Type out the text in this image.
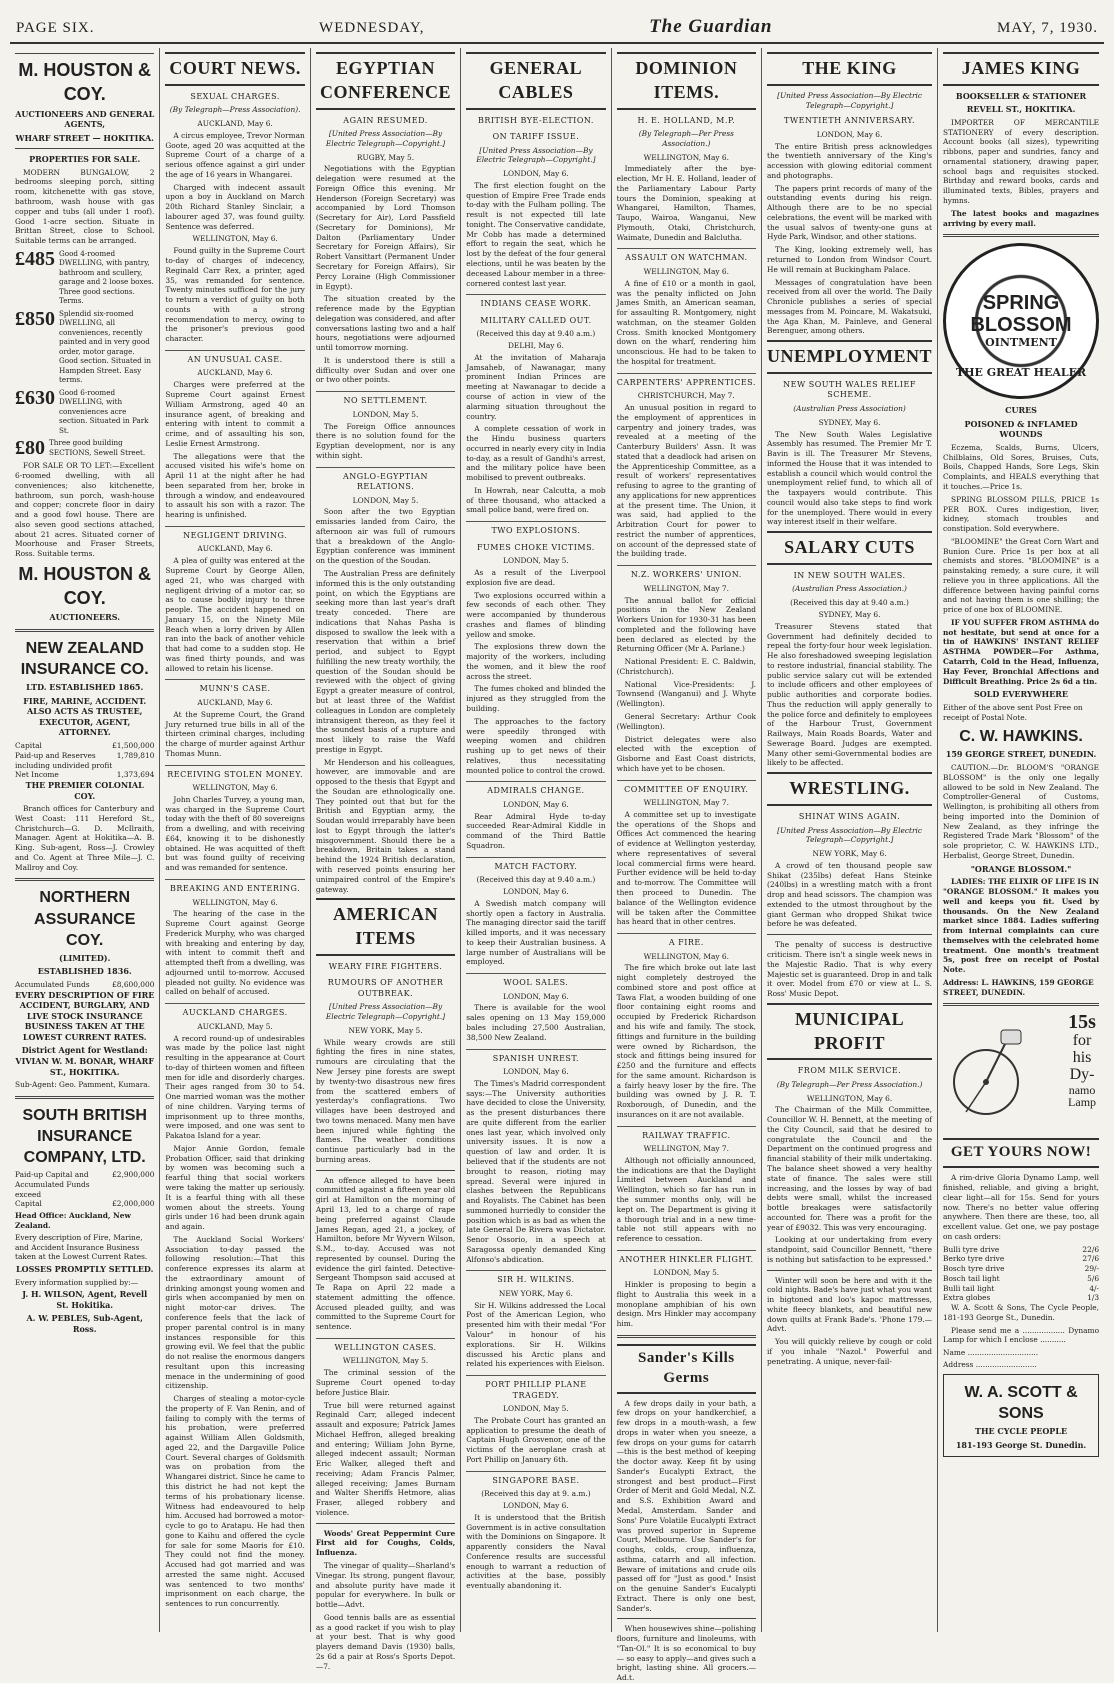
PAGE SIX.	WEDNESDAY,	The Guardian	MAY, 7, 1930.
M. HOUSTON & COY.
AUCTIONEERS AND GENERAL AGENTS,
WHARF STREET — HOKITIKA.
PROPERTIES FOR SALE.

MODERN BUNGALOW, 2 bedrooms sleeping porch, sitting room, kitchenette with gas stove, bathroom, wash house with gas copper and tubs (all under 1 roof). Good 1-acre section. Situate in Brittan Street, close to School. Suitable terms can be arranged.

£485 Good 4-roomed DWELLING, with pantry, bathroom and scullery, garage and 2 loose boxes. Three good sections. Terms.
£850 Splendid six-roomed DWELLING, all conveniences, recently painted and in very good order, motor garage. Good section. Situated in Hampden Street. Easy terms.
£630 Good 6-roomed DWELLING, with conveniences acre section. Situated in Park St.
£80 Three good building SECTIONS, Sewell Street.

FOR SALE OR TO LET:—Excellent 6-roomed dwelling, with all conveniences; also kitchenette, bathroom, sun porch, wash-house and copper; concrete floor in dairy and a good fowl house. There are also seven good sections attached, about 21 acres. Situated corner of Moorhouse and Fraser Streets, Ross. Suitable terms.

M. HOUSTON & COY.
AUCTIONEERS.
NEW ZEALAND INSURANCE CO.
LTD. ESTABLISHED 1865.
FIRE, MARINE, ACCIDENT. ALSO ACTS AS TRUSTEE, EXECUTOR, AGENT, ATTORNEY.
Capital	£1,500,000
Paid-up and Reserves including undivided profit
1,789,810
Net Income	1,373,694
THE PREMIER COLONIAL COY.

Branch offices for Canterbury and West Coast: 111 Hereford St., Christchurch—G. D. McIlraith, Manager. Agent at Hokitika—A. B. King. Sub-agent, Ross—J. Crowley and Co. Agent at Three Mile—J. C. Mallroy and Coy.

NORTHERN ASSURANCE COY.
(LIMITED).
ESTABLISHED 1836.
Accumulated Funds	£8,600,000
EVERY DESCRIPTION OF FIRE ACCIDENT, BURGLARY, AND LIVE STOCK INSURANCE BUSINESS TAKEN AT THE LOWEST CURRENT RATES.
District Agent for Westland: VIVIAN W. M. BONAR, WHARF ST., HOKITIKA.
Sub-Agent: Geo. Pamment, Kumara.
SOUTH BRITISH INSURANCE COMPANY, LTD.
Paid-up Capital and Accumulated Funds exceed
£2,900,000
Capital	£2,000,000
Head Office: Auckland, New Zealand.
Every description of Fire, Marine, and Accident Insurance Business taken at the Lowest Current Rates.
LOSSES PROMPTLY SETTLED.
Every information supplied by:—
J. H. WILSON, Agent, Revell St. Hokitika.
A. W. PEBLES, Sub-Agent, Ross.
COURT NEWS.
SEXUAL CHARGES.
(By Telegraph—Press Association).
AUCKLAND, May 6.

A circus employee, Trevor Norman Goote, aged 20 was acquitted at the Supreme Court of a charge of a serious offence against a girl under the age of 16 years in Whangarei.

Charged with indecent assault upon a boy in Auckland on March 20th Richard Stanley Sinclair, a labourer aged 37, was found guilty. Sentence was deferred.

WELLINGTON, May 6.

Found guilty in the Supreme Court to-day of charges of indecency, Reginald Carr Rex, a printer, aged 35, was remanded for sentence. Twenty minutes sufficed for the jury to return a verdict of guilty on both counts with a strong recommendation to mercy, owing to the prisoner's previous good character.

AN UNUSUAL CASE.
AUCKLAND, May 6.

Charges were preferred at the Supreme Court against Ernest William Armstrong, aged 40 an insurance agent, of breaking and entering with intent to commit a crime, and of assaulting his son, Leslie Ernest Armstrong.

The allegations were that the accused visited his wife's home on April 11 at the night after he had been separated from her, broke in through a window, and endeavoured to assault his son with a razor. The hearing is unfinished.

NEGLIGENT DRIVING.
AUCKLAND, May 6.

A plea of guilty was entered at the Supreme Court by George Allen, aged 21, who was charged with negligent driving of a motor car, so as to cause bodily injury to three people. The accident happened on January 15, on the Ninety Mile Beach when a lorry driven by Allen ran into the back of another vehicle that had come to a sudden stop. He was fined thirty pounds, and was allowed to retain his license.

MUNN'S CASE.
AUCKLAND, May 6.

At the Supreme Court, the Grand Jury returned true bills in all of the thirteen criminal charges, including the charge of murder against Arthur Thomas Munn.

RECEIVING STOLEN MONEY.
WELLINGTON, May 6.

John Charles Turvey, a young man, was charged in the Supreme Court today with the theft of 80 sovereigns from a dwelling, and with receiving £64, knowing it to be dishonestly obtained. He was acquitted of theft but was found guilty of receiving and was remanded for sentence.

BREAKING AND ENTERING.
WELLINGTON, May 6.

The hearing of the case in the Supreme Court against George Frederick Murphy, who was charged with breaking and entering by day, with intent to commit theft and attempted theft from a dwelling, was adjourned until to-morrow. Accused pleaded not guilty. No evidence was called on behalf of accused.

AUCKLAND CHARGES.
AUCKLAND, May 5.

A record round-up of undesirables was made by the police last night resulting in the appearance at Court to-day of thirteen women and fifteen men for idle and disorderly charges. Their ages ranged from 30 to 54. One married woman was the mother of nine children. Varying terms of imprisonment up to three months, were imposed, and one was sent to Pakatoa Island for a year.

Major Annie Gordon, female Probation Officer, said that drinking by women was becoming such a fearful thing that social workers were taking the matter up seriously. It is a fearful thing with all these women about the streets. Young girls under 16 had been drunk again and again.

The Auckland Social Workers' Association to-day passed the following resolution:—That this conference expresses its alarm at the extraordinary amount of drinking amongst young women and girls when accompanied by men on night motor-car drives. The conference feels that the lack of proper parental control is in many instances responsible for this growing evil. We feel that the public do not realise the enormous dangers resultant upon this increasing menace in the undermining of good citizenship.

Charges of stealing a motor-cycle the property of F. Van Renin, and of failing to comply with the terms of his probation, were preferred against William Allen Goldsmith, aged 22, and the Dargaville Police Court. Several charges of Goldsmith was on probation from the Whangarei district. Since he came to this district he had not kept the terms of his probationary license. Witness had endeavoured to help him. Accused had borrowed a motor-cycle to go to Aratapu. He had then gone to Kaihu and offered the cycle for sale for some Maoris for £10. They could not find the money. Accused had got married and was arrested the same night. Accused was sentenced to two months' imprisonment on each charge, the sentences to run concurrently.

EGYPTIAN CONFERENCE
AGAIN RESUMED.
[United Press Association—By Electric Telegraph—Copyright.]
RUGBY, May 5.

Negotiations with the Egyptian delegation were resumed at the Foreign Office this evening. Mr Henderson (Foreign Secretary) was accompanied by Lord Thomson (Secretary for Air), Lord Passfield (Secretary for Dominions), Mr Dalton (Parliamentary Under Secretary for Foreign Affairs), Sir Robert Vansittart (Permanent Under Secretary for Foreign Affairs), Sir Percy Loraine (High Commissioner in Egypt).

The situation created by the reference made by the Egyptian delegation was considered, and after conversations lasting two and a half hours, negotiations were adjourned until tomorrow morning.

It is understood there is still a difficulty over Sudan and over one or two other points.

NO SETTLEMENT.
LONDON, May 5.

The Foreign Office announces there is no solution found for the Egyptian development, nor is any within sight.

ANGLO-EGYPTIAN RELATIONS.
LONDON, May 5.

Soon after the two Egyptian emissaries landed from Cairo, the afternoon air was full of rumours that a breakdown of the Anglo-Egyptian conference was imminent on the question of the Soudan.

The Australian Press are definitely informed this is the only outstanding point, on which the Egyptians are seeking more than last year's draft treaty conceded. There are indications that Nahas Pasha is disposed to swallow the leek with a reservation that within a brief period, and subject to Egypt fulfilling the new treaty worthily, the question of the Soudan should be reviewed with the object of giving Egypt a greater measure of control, but at least three of the Wafdist colleagues in London are completely intransigent thereon, as they feel it the soundest basis of a rupture and most likely to raise the Wafd prestige in Egypt.

Mr Henderson and his colleagues, however, are immovable and are opposed to the thesis that Egypt and the Soudan are ethnologically one. They pointed out that but for the British and Egyptian army, the Soudan would irreparably have been lost to Egypt through the latter's misgovernment. Should there be a breakdown, Britain takes a stand behind the 1924 British declaration, with reserved points ensuring her unimpaired control of the Empire's gateway.

AMERICAN ITEMS
WEARY FIRE FIGHTERS.
RUMOURS OF ANOTHER OUTBREAK.
[United Press Association—By Electric Telegraph—Copyright.]
NEW YORK, May 5.

While weary crowds are still fighting the fires in nine states, rumours are circulating that the New Jersey pine forests are swept by twenty-two disastrous new fires from the scattered embers of yesterday's conflagrations. Two villages have been destroyed and two towns menaced. Many men have been injured while fighting the flames. The weather conditions continue particularly bad in the burning areas.

An offence alleged to have been committed against a fifteen year old girl at Hamilton on the morning of April 13, led to a charge of rape being preferred against Claude James Regan, aged 21, a jockey, of Hamilton, before Mr Wyvern Wilson, S.M., to-day. Accused was not represented by counsel. During the evidence the girl fainted. Detective-Sergeant Thompson said accused at Te Rapa on April 22 made a statement admitting the offence. Accused pleaded guilty, and was committed to the Supreme Court for sentence.

WELLINGTON CASES.
WELLINGTON, May 5.

The criminal session of the Supreme Court opened to-day before Justice Blair.

True bill were returned against Reginald Carr, alleged indecent assault and exposure; Patrick James Michael Heffron, alleged breaking and entering; William John Byrne, alleged indecent assault; Norman Eric Walker, alleged theft and receiving; Adam Francis Palmer, alleged receiving; James Burnam and Walter Sheriffs Hetmore, alias Fraser, alleged robbery and violence.

Woods' Great Peppermint Cure First aid for Coughs, Colds, Influenza.

The vinegar of quality—Sharland's Vinegar. Its strong, pungent flavour, and absolute purity have made it popular for everywhere. In bulk or bottle—Advt.

Good tennis balls are as essential as a good racket if you wish to play at your best. That is why good players demand Davis (1930) balls, 2s 6d a pair at Ross's Sports Depot.—7.

GENERAL CABLES
BRITISH BYE-ELECTION.
ON TARIFF ISSUE.
[United Press Association—By Electric Telegraph—Copyright.]
LONDON, May 6.

The first election fought on the question of Empire Free Trade ends to-day with the Fulham polling. The result is not expected till late tonight. The Conservative candidate, Mr Cobb has made a determined effort to regain the seat, which he lost by the defeat of the four general elections, until he was beaten by the deceased Labour member in a three-cornered contest last year.

INDIANS CEASE WORK.
MILITARY CALLED OUT.
(Received this day at 9.40 a.m.)
DELHI, May 6.

At the invitation of Maharaja Jamsaheb, of Nawanagar, many prominent Indian Princes are meeting at Nawanagar to decide a course of action in view of the alarming situation throughout the country.

A complete cessation of work in the Hindu business quarters occurred in nearly every city in India to-day, as a result of Gandhi's arrest, and the military police have been mobilised to prevent outbreaks.

In Howrah, near Calcutta, a mob of three thousand, who attacked a small police band, were fired on.

TWO EXPLOSIONS.
FUMES CHOKE VICTIMS.
LONDON, May 5.

As a result of the Liverpool explosion five are dead.

Two explosions occurred within a few seconds of each other. They were accompanied by thunderous crashes and flames of blinding yellow and smoke.

The explosions threw down the majority of the workers, including the women, and it blew the roof across the street.

The fumes choked and blinded the injured as they struggled from the building.

The approaches to the factory were speedily thronged with weeping women and children rushing up to get news of their relatives, thus necessitating mounted police to control the crowd.

ADMIRALS CHANGE.
LONDON, May 6.

Rear Admiral Hyde to-day succeeded Rear-Admiral Kiddle in command of the Third Battle Squadron.

MATCH FACTORY.
(Received this day at 9.40 a.m.)
LONDON, May 6.

A Swedish match company will shortly open a factory in Australia. The managing director said the tariff killed imports, and it was necessary to keep their Australian business. A large number of Australians will be employed.

WOOL SALES.
LONDON, May 6.

There is available for the wool sales opening on 13 May 159,000 bales including 27,500 Australian, 38,500 New Zealand.

SPANISH UNREST.
LONDON, May 6.

The Times's Madrid correspondent says:—The University authorities have decided to close the University, as the present disturbances there are quite different from the earlier ones last year, which involved only university issues. It is now a question of law and order. It is believed that if the students are not brought to reason, rioting may spread. Several were injured in clashes between the Republicans and Royalists. The Cabinet has been summoned hurriedly to consider the position which is as bad as when the late General De Rivera was Dictator. Senor Ossorio, in a speech at Saragossa openly demanded King Alfonso's abdication.

SIR H. WILKINS.
NEW YORK, May 6.

Sir H. Wilkins addressed the Local Post of the American Legion, who presented him with their medal "For Valour" in honour of his explorations. Sir H. Wilkins discussed his Arctic plans and related his experiences with Eielson.

PORT PHILLIP PLANE TRAGEDY.
LONDON, May 5.

The Probate Court has granted an application to presume the death of Captain Hugh Grosvenor, one of the victims of the aeroplane crash at Port Phillip on January 6th.

SINGAPORE BASE.
(Received this day at 9. a.m.)
LONDON, May 6.

It is understood that the British Government is in active consultation with the Dominions on Singapore. It apparently considers the Naval Conference results are successful enough to warrant a reduction of activities at the base, possibly eventually abandoning it.

DOMINION ITEMS.
H. E. HOLLAND, M.P.
(By Telegraph—Per Press Association.)
WELLINGTON, May 6.

Immediately after the bye-election, Mr H. E. Holland, leader of the Parliamentary Labour Party tours the Dominion, speaking at Whangarei, Hamilton, Thames, Taupo, Wairoa, Wanganui, New Plymouth, Otaki, Christchurch, Waimate, Dunedin and Balclutha.

ASSAULT ON WATCHMAN.
WELLINGTON, May 6.

A fine of £10 or a month in gaol, was the penalty inflicted on John James Smith, an American seaman, for assaulting R. Montgomery, night watchman, on the steamer Golden Cross. Smith knocked Montgomery down on the wharf, rendering him unconscious. He had to be taken to the hospital for treatment.

CARPENTERS' APPRENTICES.
CHRISTCHURCH, May 7.

An unusual position in regard to the employment of apprentices in carpentry and joinery trades, was revealed at a meeting of the Canterbury Builders' Assn. It was stated that a deadlock had arisen on the Apprenticeship Committee, as a result of workers' representatives refusing to agree to the granting of any applications for new apprentices at the present time. The Union, it was said, had applied to the Arbitration Court for power to restrict the number of apprentices, on account of the depressed state of the building trade.

N.Z. WORKERS' UNION.
WELLINGTON, May 7.

The annual ballot for official positions in the New Zealand Workers Union for 1930-31 has been completed and the following have been declared as elected by the Returning Officer (Mr A. Parlane.)

National President: E. C. Baldwin, (Christchurch).

National Vice-Presidents: J. Townsend (Wanganui) and J. Whyte (Wellington).

General Secretary: Arthur Cook (Wellington).

District delegates were also elected with the exception of Gisborne and East Coast districts, which have yet to be chosen.

COMMITTEE OF ENQUIRY.
WELLINGTON, May 7.

A committee set up to investigate the operations of the Shops and Offices Act commenced the hearing of evidence at Wellington yesterday, where representatives of several local commercial firms were heard. Further evidence will be held to-day and to-morrow. The Committee will then proceed to Dunedin. The balance of the Wellington evidence will be taken after the Committee has heard that in other centres.

A FIRE.
WELLINGTON, May 6.

The fire which broke out late last night completely destroyed the combined store and post office at Tawa Flat, a wooden building of one floor containing eight rooms and occupied by Frederick Richardson and his wife and family. The stock, fittings and furniture in the building were owned by Richardson, the stock and fittings being insured for £250 and the furniture and effects for the same amount. Richardson is a fairly heavy loser by the fire. The building was owned by J. R. T. Roxborough, of Dunedin, and the insurances on it are not available.

RAILWAY TRAFFIC.
WELLINGTON, May 7.

Although not officially announced, the indications are that the Daylight Limited between Auckland and Wellington, which so far has run in the summer months only, will be kept on. The Department is giving it a thorough trial and in a new time-table not still appears with no reference to cessation.

ANOTHER HINKLER FLIGHT.
LONDON, May 5.

Hinkler is proposing to begin a flight to Australia this week in a monoplane amphibian of his own design. Mrs Hinkler may accompany him.

Sander's Kills Germs

A few drops daily in your bath, a few drops on your handkerchief, a few drops in a mouth-wash, a few drops in water when you sneeze, a few drops on your gums for catarrh—this is the best method of keeping the doctor away. Keep fit by using Sander's Eucalypti Extract, the strongest and best product—First Order of Merit and Gold Medal, N.Z. and S.S. Exhibition Award and Medal, Amsterdam. Sander and Sons' Pure Volatile Eucalypti Extract was proved superior in Supreme Court, Melbourne. Use Sander's for coughs, colds, croup, influenza, asthma, catarrh and all infection. Beware of imitations and crude oils passed off for "Just as good." Insist on the genuine Sander's Eucalypti Extract. There is only one best, Sander's.

When housewives shine—polishing floors, furniture and linoleums, with "Tan-Ol." It is so economical to buy — so easy to apply—and gives such a bright, lasting shine. All grocers.—Ad.t.

THE KING
[United Press Association—By Electric Telegraph—Copyright.]
TWENTIETH ANNIVERSARY.
LONDON, May 6.

The entire British press acknowledges the twentieth anniversary of the King's accession with glowing editorial comment and photographs.

The papers print records of many of the outstanding events during his reign. Although there are to be no special celebrations, the event will be marked with the usual salvos of twenty-one guns at Hyde Park, Windsor, and other stations.

The King, looking extremely well, has returned to London from Windsor Court. He will remain at Buckingham Palace.

Messages of congratulation have been received from all over the world. The Daily Chronicle publishes a series of special messages from M. Poincare, M. Wakatsuki, the Aga Khan, M. Painleve, and General Berenguer, among others.

UNEMPLOYMENT
NEW SOUTH WALES RELIEF SCHEME.
(Australian Press Association)
SYDNEY, May 6.

The New South Wales Legislative Assembly has resumed. The Premier Mr T. Bavin is ill. The Treasurer Mr Stevens, informed the House that it was intended to establish a council which would control the unemployment relief fund, to which all of the taxpayers would contribute. This council would also take steps to find work for the unemployed. There would in every way interest itself in their welfare.

SALARY CUTS
IN NEW SOUTH WALES.
(Australian Press Association.)
(Received this day at 9.40 a.m.)
SYDNEY, May 6.

Treasurer Stevens stated that Government had definitely decided to repeal the forty-four hour week legislation. He also foreshadowed sweeping legislation to restore industrial, financial stability. The public service salary cut will be extended to include officers and other employees of public authorities and corporate bodies. Thus the reduction will apply generally to the police force and definitely to employees of the Harbour Trust, Government Railways, Main Roads Boards, Water and Sewerage Board. Judges are exempted. Many other semi-Governmental bodies are likely to be affected.

WRESTLING.
SHINAT WINS AGAIN.
[United Press Association—By Electric Telegraph—Copyright.]
NEW YORK, May 6.

A crowd of ten thousand people saw Shikat (235lbs) defeat Hans Steinke (240lbs) in a wrestling match with a front drop and head scissors. The champion was extended to the utmost throughout by the giant German who dropped Shikat twice before he was defeated.

The penalty of success is destructive criticism. There isn't a single week news in the Majestic Radio. That is why every Majestic set is guaranteed. Drop in and talk it over. Model from £70 or view at L. S. Ross' Music Depot.

MUNICIPAL PROFIT
FROM MILK SERVICE.
(By Telegraph—Per Press Association.)
WELLINGTON, May 6.

The Chairman of the Milk Committee, Councillor W. H. Bennett, at the meeting of the City Council, said that he desired to congratulate the Council and the Department on the continued progress and financial stability of their milk undertaking. The balance sheet showed a very healthy state of finance. The sales were still increasing, and the losses by way of bad debts were small, whilst the increased bottle breakages were satisfactorily accounted for. There was a profit for the year of £9032. This was very encouraging.

Looking at our undertaking from every standpoint, said Councillor Bennett, "there is nothing but satisfaction to be expressed."

Winter will soon be here and with it the cold nights. Bade's have just what you want in bigtoned and loo's kapoc mattresses, white fleecy blankets, and beautiful new down quilts at Frank Bade's. 'Phone 179.—Advt.

You will quickly relieve by cough or cold if you inhale "Nazol." Powerful and penetrating. A unique, never-fail-

JAMES KING
BOOKSELLER & STATIONER
REVELL ST., HOKITIKA.

IMPORTER OF MERCANTILE STATIONERY of every description. Account books (all sizes), typewriting ribbons, paper and sundries, fancy and ornamental stationery, drawing paper, school bags and requisites stocked. Birthday and reward books, cards and illuminated texts, Bibles, prayers and hymns.

The latest books and magazines arriving by every mail.

SPRING
BLOSSOM
OINTMENT
THE GREAT HEALER
CURES
POISONED & INFLAMED WOUNDS

Eczema, Scalds, Burns, Ulcers, Chilblains, Old Sores, Bruises, Cuts, Boils, Chapped Hands, Sore Legs, Skin Complaints, and HEALS everything that it touches.—Price 1s.

SPRING BLOSSOM PILLS, PRICE 1s PER BOX. Cures indigestion, liver, kidney, stomach troubles and constipation. Sold everywhere.

"BLOOMINE" the Great Corn Wart and Bunion Cure. Price 1s per box at all chemists and stores. "BLOOMINE" is a painstaking remedy, a sure cure, it will relieve you in three applications. All the difference between having painful corns and not having them is one shilling; the price of one box of BLOOMINE.

IF YOU SUFFER FROM ASTHMA do not hesitate, but send at once for a tin of HAWKINS' INSTANT RELIEF ASTHMA POWDER—For Asthma, Catarrh, Cold in the Head, Influenza, Hay Fever, Bronchial Affections and Difficult Breathing. Price 2s 6d a tin.

SOLD EVERYWHERE
Either of the above sent Post Free on receipt of Postal Note.
C. W. HAWKINS.
159 GEORGE STREET, DUNEDIN.

CAUTION.—Dr. BLOOM'S "ORANGE BLOSSOM" is the only one legally allowed to be sold in New Zealand. The Comptroller-General of Customs, Wellington, is prohibiting all others from being imported into the Dominion of New Zealand, as they infringe the Registered Trade Mark "Blossom" of the sole proprietor, C. W. HAWKINS LTD., Herbalist, George Street, Dunedin.

"ORANGE BLOSSOM."

LADIES: THE ELIXIR OF LIFE IS IN "ORANGE BLOSSOM." It makes you well and keeps you fit. Used by thousands. On the New Zealand market since 1884. Ladies suffering from internal complaints can cure themselves with the celebrated home treatment. One month's treatment 5s, post free on receipt of Postal Note.

Address: L. HAWKINS, 159 GEORGE STREET, DUNEDIN.
15s
for
his
Dy-
namo
Lamp
GET YOURS NOW!

A rim-drive Gloria Dynamo Lamp, well finished, reliable, and giving a bright, clear light—all for 15s. Send for yours now. There's no better value offering anywhere. Then there are these, too, all excellent value. Get one, we pay postage on cash orders:

Bulli tyre drive	22/6
Berko tyre drive	27/6
Bosch tyre drive	29/-
Bosch tail light	5/6
Bulli tail light	4/-
Extra globes	1/3

W. A. Scott & Sons, The Cycle People, 181-193 George St., Dunedin.

Please send me a .................. Dynamo Lamp for which I enclose ...........

Name ..............................
Address ..........................
W. A. SCOTT & SONS
THE CYCLE PEOPLE
181-193 George St. Dunedin.
